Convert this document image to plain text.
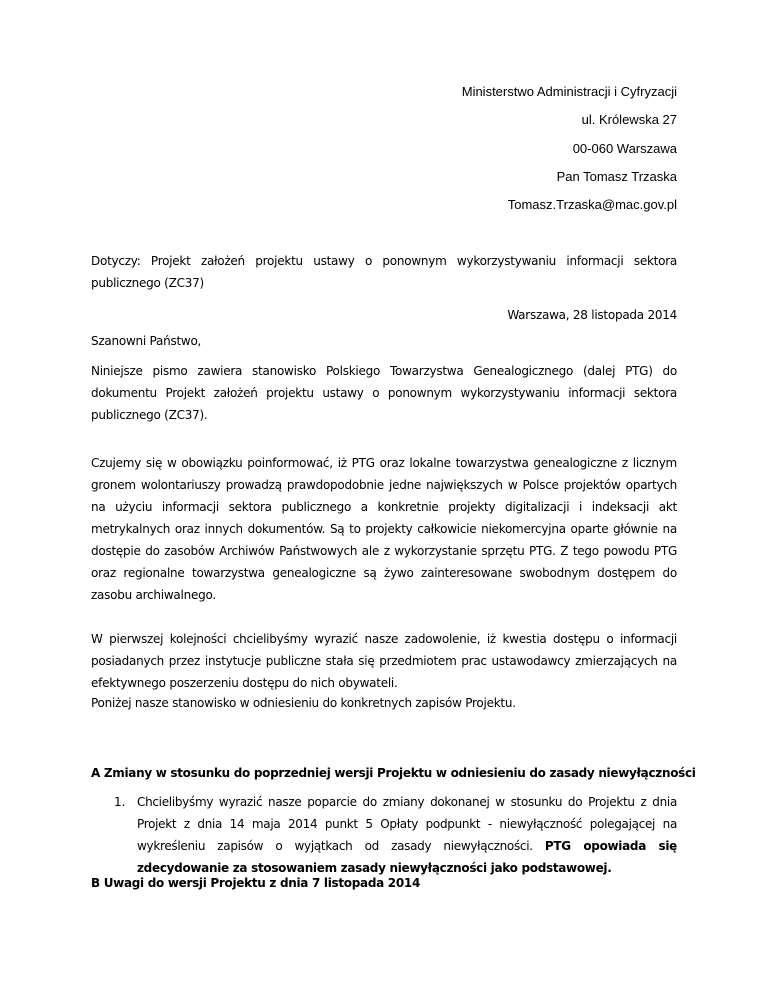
Ministerstwo Administracji i Cyfryzacji
ul. Królewska 27
00-060 Warszawa
Pan Tomasz Trzaska
Tomasz.Trzaska@mac.gov.pl

Dotyczy: Projekt założeń projektu ustawy o ponownym wykorzystywaniu informacji sektora publicznego (ZC37)

Warszawa, 28 listopada 2014

Szanowni Państwo,

Niniejsze pismo zawiera stanowisko Polskiego Towarzystwa Genealogicznego (dalej PTG) do dokumentu Projekt założeń projektu ustawy o ponownym wykorzystywaniu informacji sektora publicznego (ZC37).

Czujemy się w obowiązku poinformować, iż PTG oraz lokalne towarzystwa genealogiczne z licznym gronem wolontariuszy prowadzą prawdopodobnie jedne największych w Polsce projektów opartych na użyciu informacji sektora publicznego a konkretnie projekty digitalizacji i indeksacji akt metrykalnych oraz innych dokumentów. Są to projekty całkowicie niekomercyjna oparte głównie na dostępie do zasobów Archiwów Państwowych ale z wykorzystanie sprzętu PTG. Z tego powodu PTG oraz regionalne towarzystwa genealogiczne są żywo zainteresowane swobodnym dostępem do zasobu archiwalnego.

W pierwszej kolejności chcielibyśmy wyrazić nasze zadowolenie, iż kwestia dostępu o informacji posiadanych przez instytucje publiczne stała się przedmiotem prac ustawodawcy zmierzających na efektywnego poszerzeniu dostępu do nich obywateli.

Poniżej nasze stanowisko w odniesieniu do konkretnych zapisów Projektu.

A Zmiany w stosunku do poprzedniej wersji Projektu w odniesieniu do zasady niewyłączności
1. Chcielibyśmy wyrazić nasze poparcie do zmiany dokonanej w stosunku do Projektu z dnia Projekt z dnia 14 maja 2014 punkt 5 Opłaty podpunkt - niewyłączność polegającej na wykreśleniu zapisów o wyjątkach od zasady niewyłączności. PTG opowiada się zdecydowanie za stosowaniem zasady niewyłączności jako podstawowej.

B Uwagi do wersji Projektu z dnia 7 listopada 2014
